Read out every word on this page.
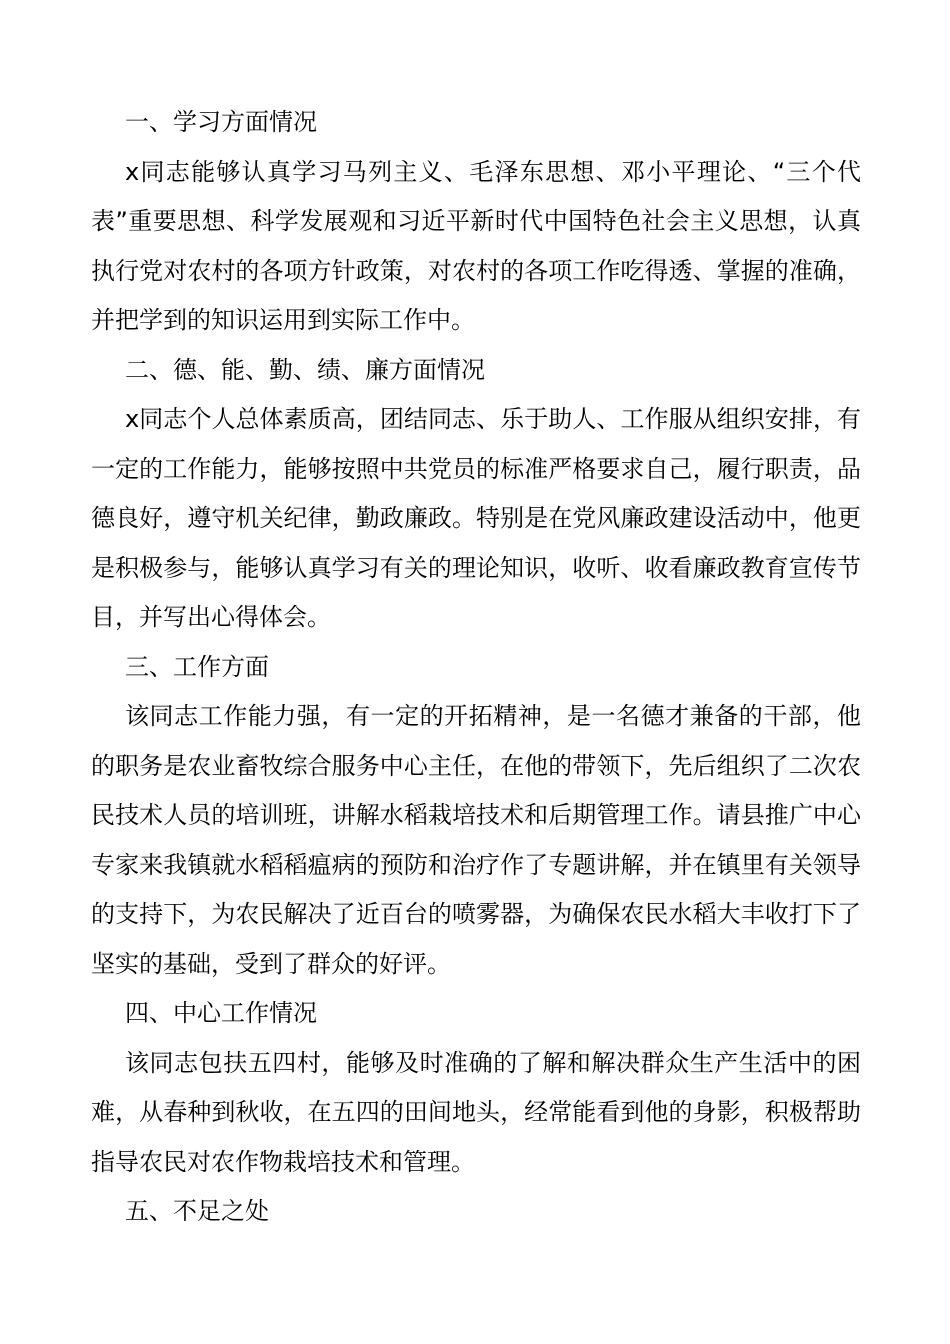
一、学习方面情况

x同志能够认真学习马列主义、毛泽东思想、邓小平理论、“三个代表”重要思想、科学发展观和习近平新时代中国特色社会主义思想，认真执行党对农村的各项方针政策，对农村的各项工作吃得透、掌握的准确，并把学到的知识运用到实际工作中。

二、德、能、勤、绩、廉方面情况

x同志个人总体素质高，团结同志、乐于助人、工作服从组织安排，有一定的工作能力，能够按照中共党员的标准严格要求自己，履行职责，品德良好，遵守机关纪律，勤政廉政。特别是在党风廉政建设活动中，他更是积极参与，能够认真学习有关的理论知识，收听、收看廉政教育宣传节目，并写出心得体会。

三、工作方面

该同志工作能力强，有一定的开拓精神，是一名德才兼备的干部，他的职务是农业畜牧综合服务中心主任，在他的带领下，先后组织了二次农民技术人员的培训班，讲解水稻栽培技术和后期管理工作。请县推广中心专家来我镇就水稻稻瘟病的预防和治疗作了专题讲解，并在镇里有关领导的支持下，为农民解决了近百台的喷雾器，为确保农民水稻大丰收打下了坚实的基础，受到了群众的好评。

四、中心工作情况

该同志包扶五四村，能够及时准确的了解和解决群众生产生活中的困难，从春种到秋收，在五四的田间地头，经常能看到他的身影，积极帮助指导农民对农作物栽培技术和管理。

五、不足之处
